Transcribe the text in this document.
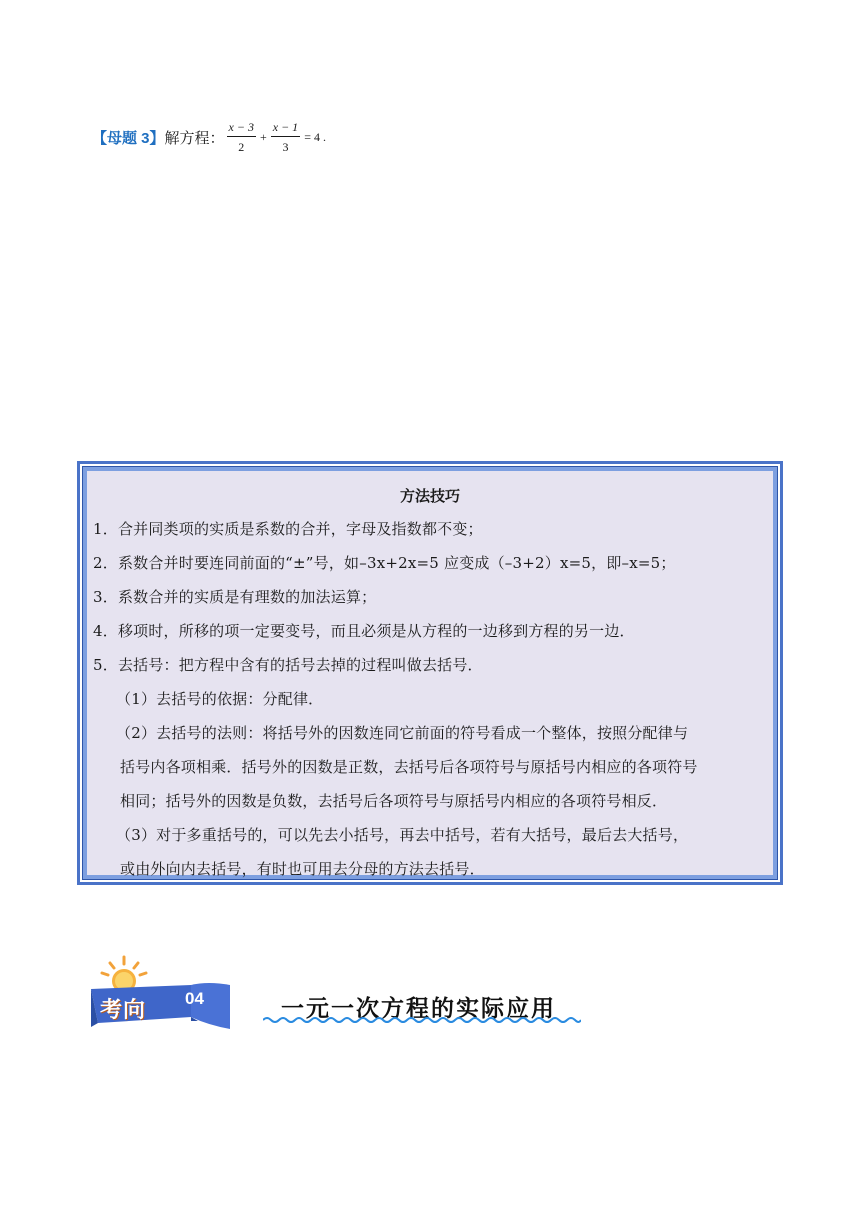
【母题 3】 解方程： $\frac{x - 3}{2} + \frac{x - 1}{3} = 4$ .
方法技巧
1．合并同类项的实质是系数的合并，字母及指数都不变；
2．系数合并时要连同前面的“±”号，如–3x+2x=5 应变成（–3+2）x=5，即–x=5；
3．系数合并的实质是有理数的加法运算；
4．移项时，所移的项一定要变号，而且必须是从方程的一边移到方程的另一边．
5．去括号：把方程中含有的括号去掉的过程叫做去括号．
（1）去括号的依据：分配律．
（2）去括号的法则：将括号外的因数连同它前面的符号看成一个整体，按照分配律与
括号内各项相乘．括号外的因数是正数，去括号后各项符号与原括号内相应的各项符号
相同；括号外的因数是负数，去括号后各项符号与原括号内相应的各项符号相反．
（3）对于多重括号的，可以先去小括号，再去中括号，若有大括号，最后去大括号，
或由外向内去括号，有时也可用去分母的方法去括号．
考向 04	一元一次方程的实际应用
